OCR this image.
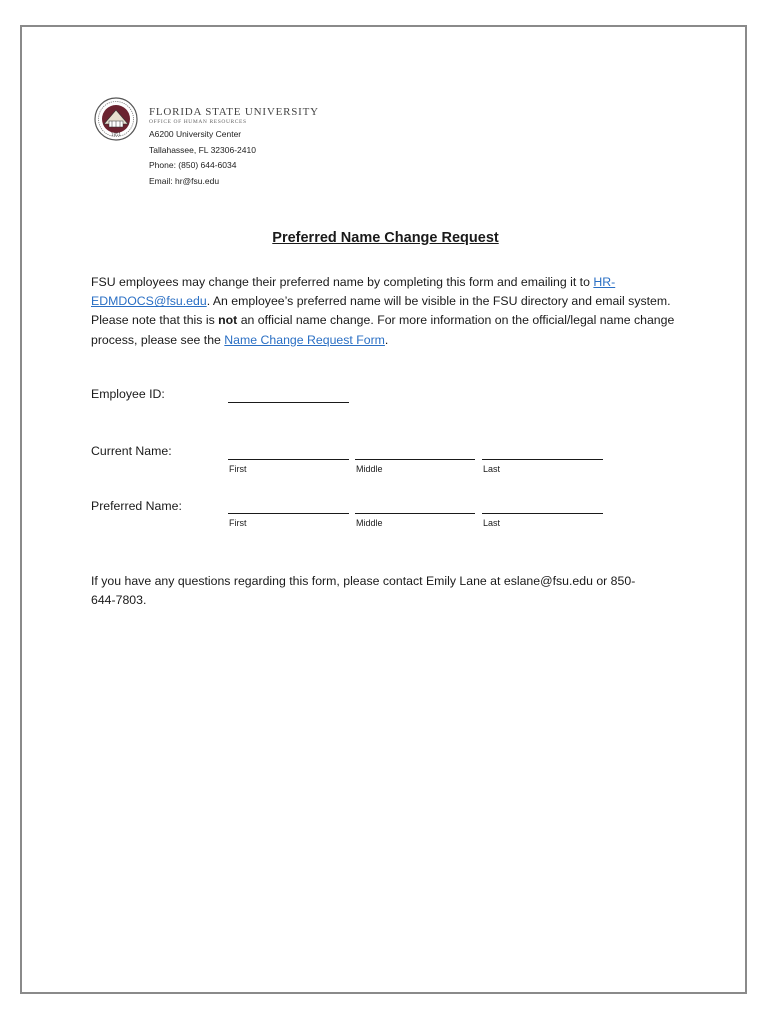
1851
FLORIDA STATE UNIVERSITY
OFFICE OF HUMAN RESOURCES
A6200 University Center
Tallahassee, FL 32306-2410
Phone: (850) 644-6034
Email: hr@fsu.edu
Preferred Name Change Request
FSU employees may change their preferred name by completing this form and emailing it to HR-EDMDOCS@fsu.edu. An employee’s preferred name will be visible in the FSU directory and email system. Please note that this is not an official name change. For more information on the official/legal name change process, please see the Name Change Request Form.
Employee ID:
Current Name:
First	Middle	Last
Preferred Name:
First	Middle	Last
If you have any questions regarding this form, please contact Emily Lane at eslane@fsu.edu or 850-644-7803.
